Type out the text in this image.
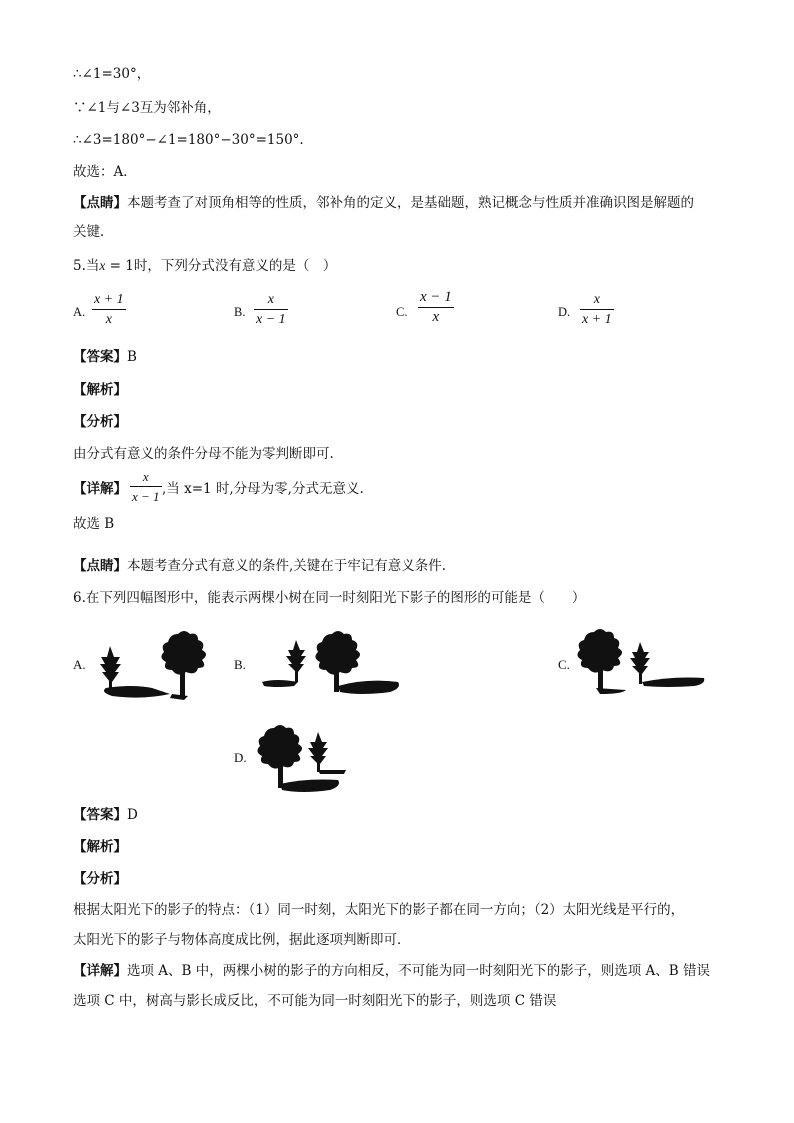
∴∠1=30°，
∵∠1与∠3互为邻补角，
∴∠3=180°−∠1=180°−30°=150°.
故选：A．
【点睛】本题考查了对顶角相等的性质，邻补角的定义，是基础题，熟记概念与性质并准确识图是解题的
关键．
5.当x = 1时，下列分式没有意义的是（　）
A.
x + 1
x	B.
x
x − 1	C.
x − 1
x	D.
x
x + 1
【答案】B
【解析】
【分析】
由分式有意义的条件分母不能为零判断即可.
【详解】
x
x − 1 ,当 x=1 时,分母为零,分式无意义.
故选 B
【点睛】本题考查分式有意义的条件,关键在于牢记有意义条件.
6.在下列四幅图形中，能表示两棵小树在同一时刻阳光下影子的图形的可能是（　　）
A.	B.	C.
D.
【答案】D
【解析】
【分析】
根据太阳光下的影子的特点：（1）同一时刻，太阳光下的影子都在同一方向；（2）太阳光线是平行的，
太阳光下的影子与物体高度成比例，据此逐项判断即可．
【详解】选项 A、B 中，两棵小树的影子的方向相反，不可能为同一时刻阳光下的影子，则选项 A、B 错误
选项 C 中，树高与影长成反比，不可能为同一时刻阳光下的影子，则选项 C 错误
